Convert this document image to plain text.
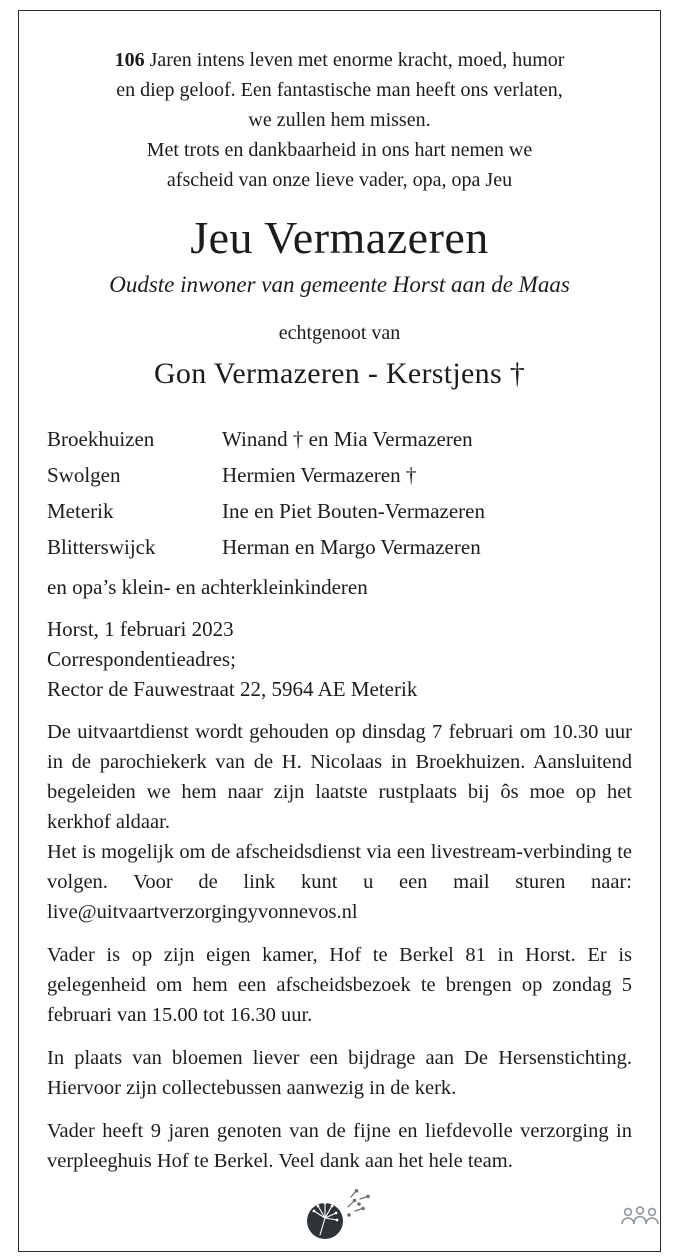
106 Jaren intens leven met enorme kracht, moed, humor
en diep geloof. Een fantastische man heeft ons verlaten,
we zullen hem missen.
Met trots en dankbaarheid in ons hart nemen we
afscheid van onze lieve vader, opa, opa Jeu
Jeu Vermazeren
Oudste inwoner van gemeente Horst aan de Maas
echtgenoot van
Gon Vermazeren - Kerstjens †
Broekhuizen	Winand † en Mia Vermazeren
Swolgen	Hermien Vermazeren †
Meterik	Ine en Piet Bouten-Vermazeren
Blitterswijck	Herman en Margo Vermazeren
en opa’s klein- en achterkleinkinderen
Horst, 1 februari 2023
Correspondentieadres;
Rector de Fauwestraat 22, 5964 AE Meterik

De uitvaartdienst wordt gehouden op dinsdag 7 februari om 10.30 uur in de parochiekerk van de H. Nicolaas in Broekhuizen. Aansluitend begeleiden we hem naar zijn laatste rustplaats bij ôs moe op het kerkhof aldaar.

Het is mogelijk om de afscheidsdienst via een livestream-verbinding te volgen. Voor de link kunt u een mail sturen naar: live@uitvaartverzorgingyvonnevos.nl

Vader is op zijn eigen kamer, Hof te Berkel 81 in Horst. Er is gelegenheid om hem een afscheidsbezoek te brengen op zondag 5 februari van 15.00 tot 16.30 uur.

In plaats van bloemen liever een bijdrage aan De Hersenstichting. Hiervoor zijn collectebussen aanwezig in de kerk.

Vader heeft 9 jaren genoten van de fijne en liefdevolle verzorging in verpleeghuis Hof te Berkel. Veel dank aan het hele team.
